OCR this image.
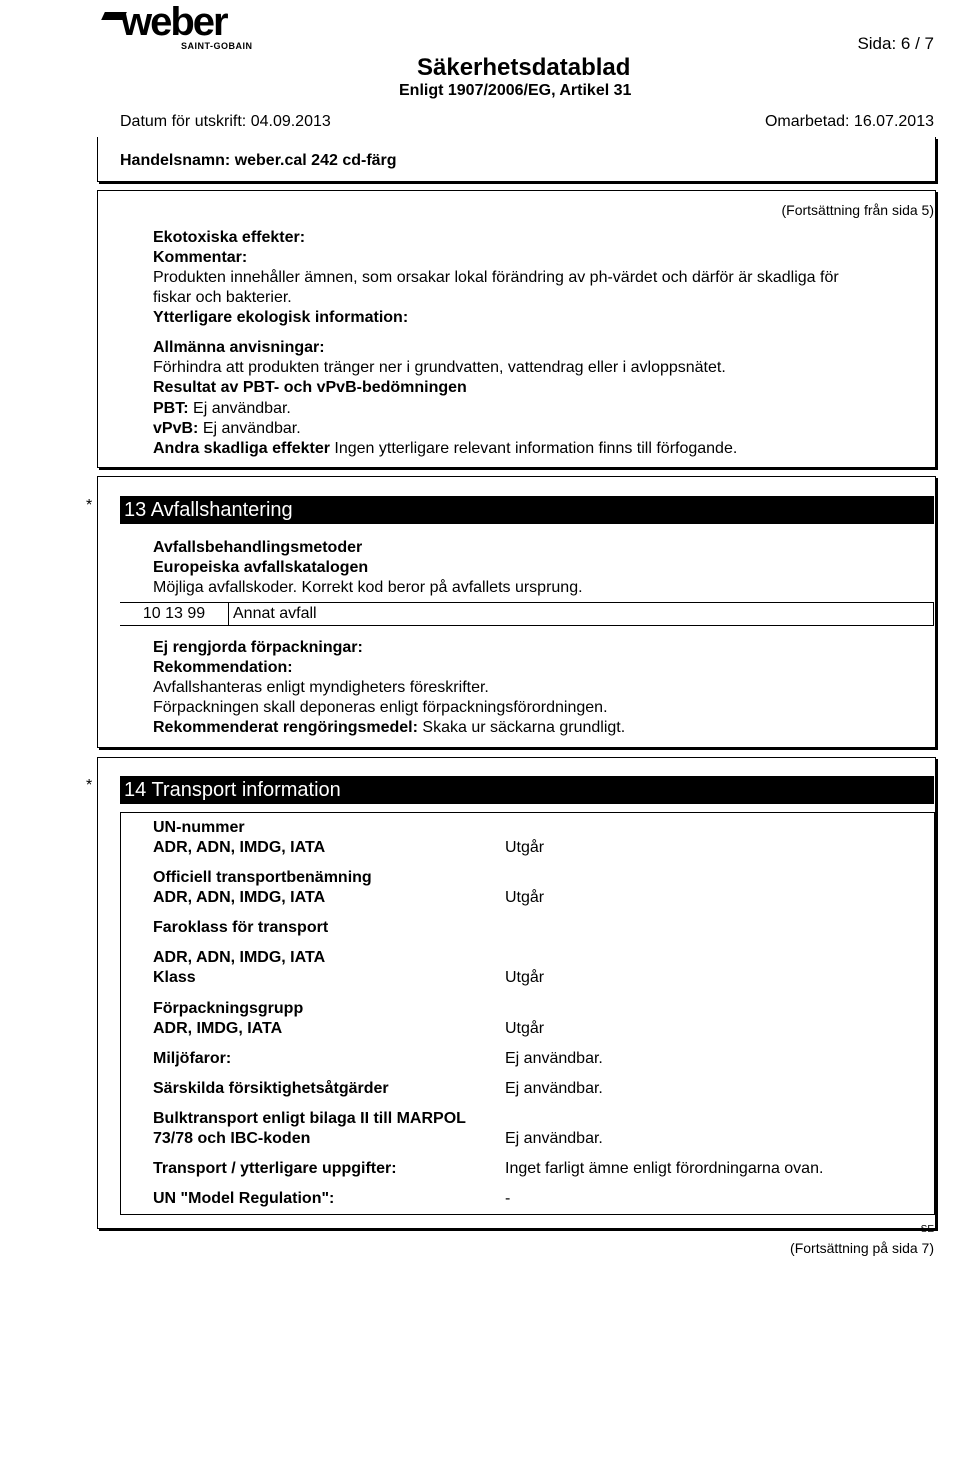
weber
SAINT-GOBAIN	Sida: 6 / 7
Säkerhetsdatablad
Enligt 1907/2006/EG, Artikel 31
Datum för utskrift: 04.09.2013	Omarbetad: 16.07.2013
Handelsnamn: weber.cal 242 cd-färg
(Fortsättning från sida 5)
Ekotoxiska effekter:
Kommentar:
Produkten innehåller ämnen, som orsakar lokal förändring av ph-värdet och därför är skadliga för
fiskar och bakterier.
Ytterligare ekologisk information:
Allmänna anvisningar:
Förhindra att produkten tränger ner i grundvatten, vattendrag eller i avloppsnätet.
Resultat av PBT- och vPvB-bedömningen
PBT: Ej användbar.
vPvB: Ej användbar.
Andra skadliga effekter Ingen ytterligare relevant information finns till förfogande.
* 13 Avfallshantering
Avfallsbehandlingsmetoder
Europeiska avfallskatalogen
Möjliga avfallskoder. Korrekt kod beror på avfallets ursprung.
10 13 99	Annat avfall
Ej rengjorda förpackningar:
Rekommendation:
Avfallshanteras enligt myndigheters föreskrifter.
Förpackningen skall deponeras enligt förpackningsförordningen.
Rekommenderat rengöringsmedel: Skaka ur säckarna grundligt.
* 14 Transport information
UN-nummer
ADR, ADN, IMDG, IATA	Utgår
Officiell transportbenämning
ADR, ADN, IMDG, IATA	Utgår
Faroklass för transport
ADR, ADN, IMDG, IATA
Klass	Utgår
Förpackningsgrupp
ADR, IMDG, IATA	Utgår
Miljöfaror:	Ej användbar.
Särskilda försiktighetsåtgärder	Ej användbar.
Bulktransport enligt bilaga II till MARPOL
73/78 och IBC-koden	Ej användbar.
Transport / ytterligare uppgifter:	Inget farligt ämne enligt förordningarna ovan.
UN "Model Regulation":	-
SE
(Fortsättning på sida 7)
